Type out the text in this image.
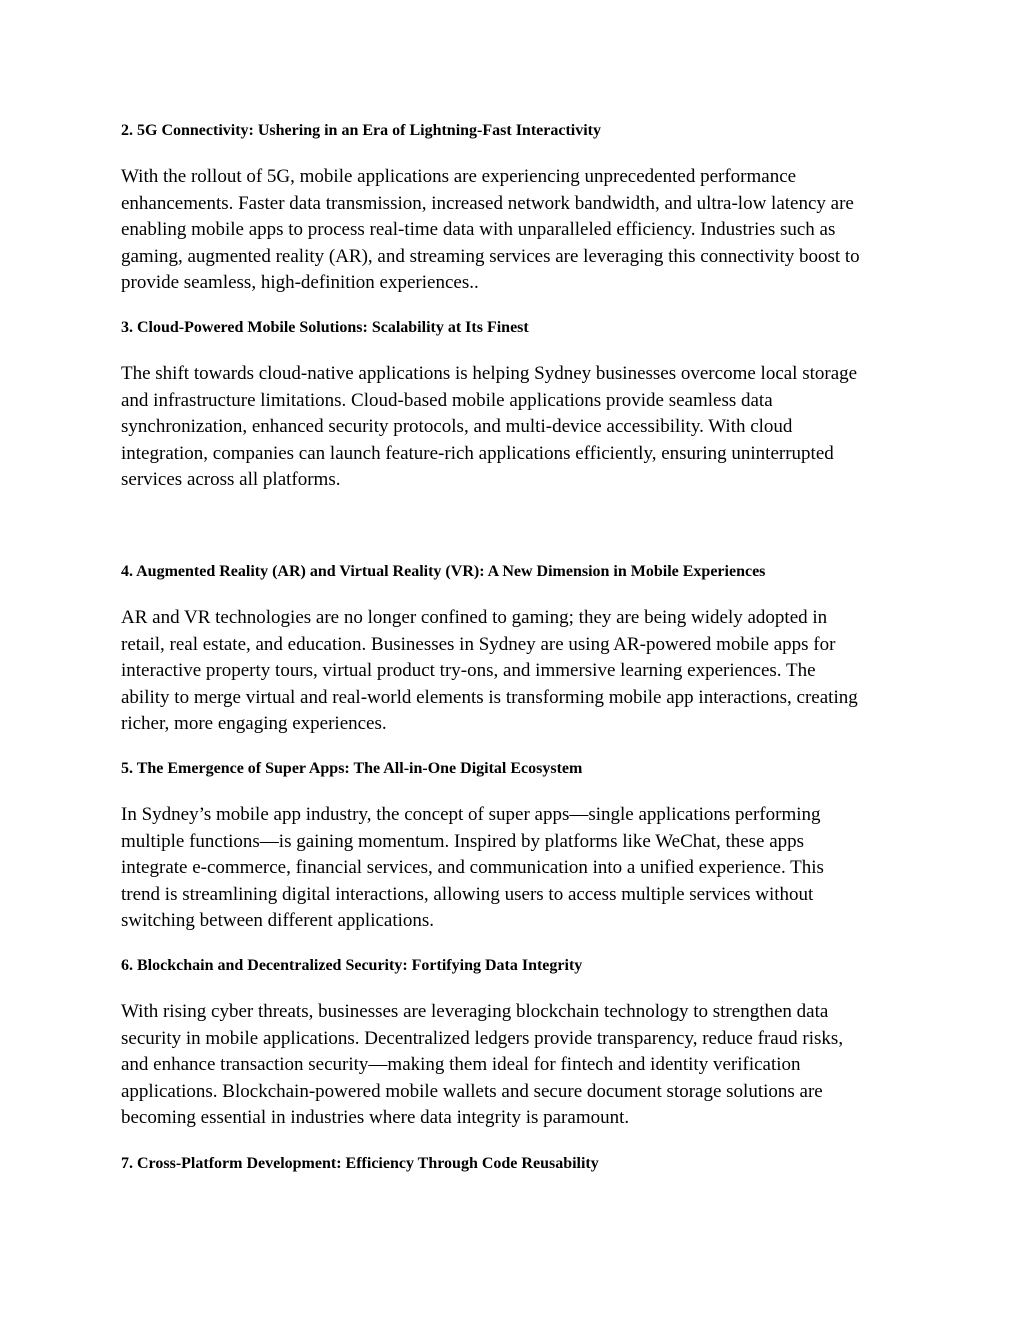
2. 5G Connectivity: Ushering in an Era of Lightning-Fast Interactivity
With the rollout of 5G, mobile applications are experiencing unprecedented performance
enhancements. Faster data transmission, increased network bandwidth, and ultra-low latency are
enabling mobile apps to process real-time data with unparalleled efficiency. Industries such as
gaming, augmented reality (AR), and streaming services are leveraging this connectivity boost to
provide seamless, high-definition experiences..
3. Cloud-Powered Mobile Solutions: Scalability at Its Finest
The shift towards cloud-native applications is helping Sydney businesses overcome local storage
and infrastructure limitations. Cloud-based mobile applications provide seamless data
synchronization, enhanced security protocols, and multi-device accessibility. With cloud
integration, companies can launch feature-rich applications efficiently, ensuring uninterrupted
services across all platforms.
4. Augmented Reality (AR) and Virtual Reality (VR): A New Dimension in Mobile Experiences
AR and VR technologies are no longer confined to gaming; they are being widely adopted in
retail, real estate, and education. Businesses in Sydney are using AR-powered mobile apps for
interactive property tours, virtual product try-ons, and immersive learning experiences. The
ability to merge virtual and real-world elements is transforming mobile app interactions, creating
richer, more engaging experiences.
5. The Emergence of Super Apps: The All-in-One Digital Ecosystem
In Sydney’s mobile app industry, the concept of super apps—single applications performing
multiple functions—is gaining momentum. Inspired by platforms like WeChat, these apps
integrate e-commerce, financial services, and communication into a unified experience. This
trend is streamlining digital interactions, allowing users to access multiple services without
switching between different applications.
6. Blockchain and Decentralized Security: Fortifying Data Integrity
With rising cyber threats, businesses are leveraging blockchain technology to strengthen data
security in mobile applications. Decentralized ledgers provide transparency, reduce fraud risks,
and enhance transaction security—making them ideal for fintech and identity verification
applications. Blockchain-powered mobile wallets and secure document storage solutions are
becoming essential in industries where data integrity is paramount.
7. Cross-Platform Development: Efficiency Through Code Reusability
